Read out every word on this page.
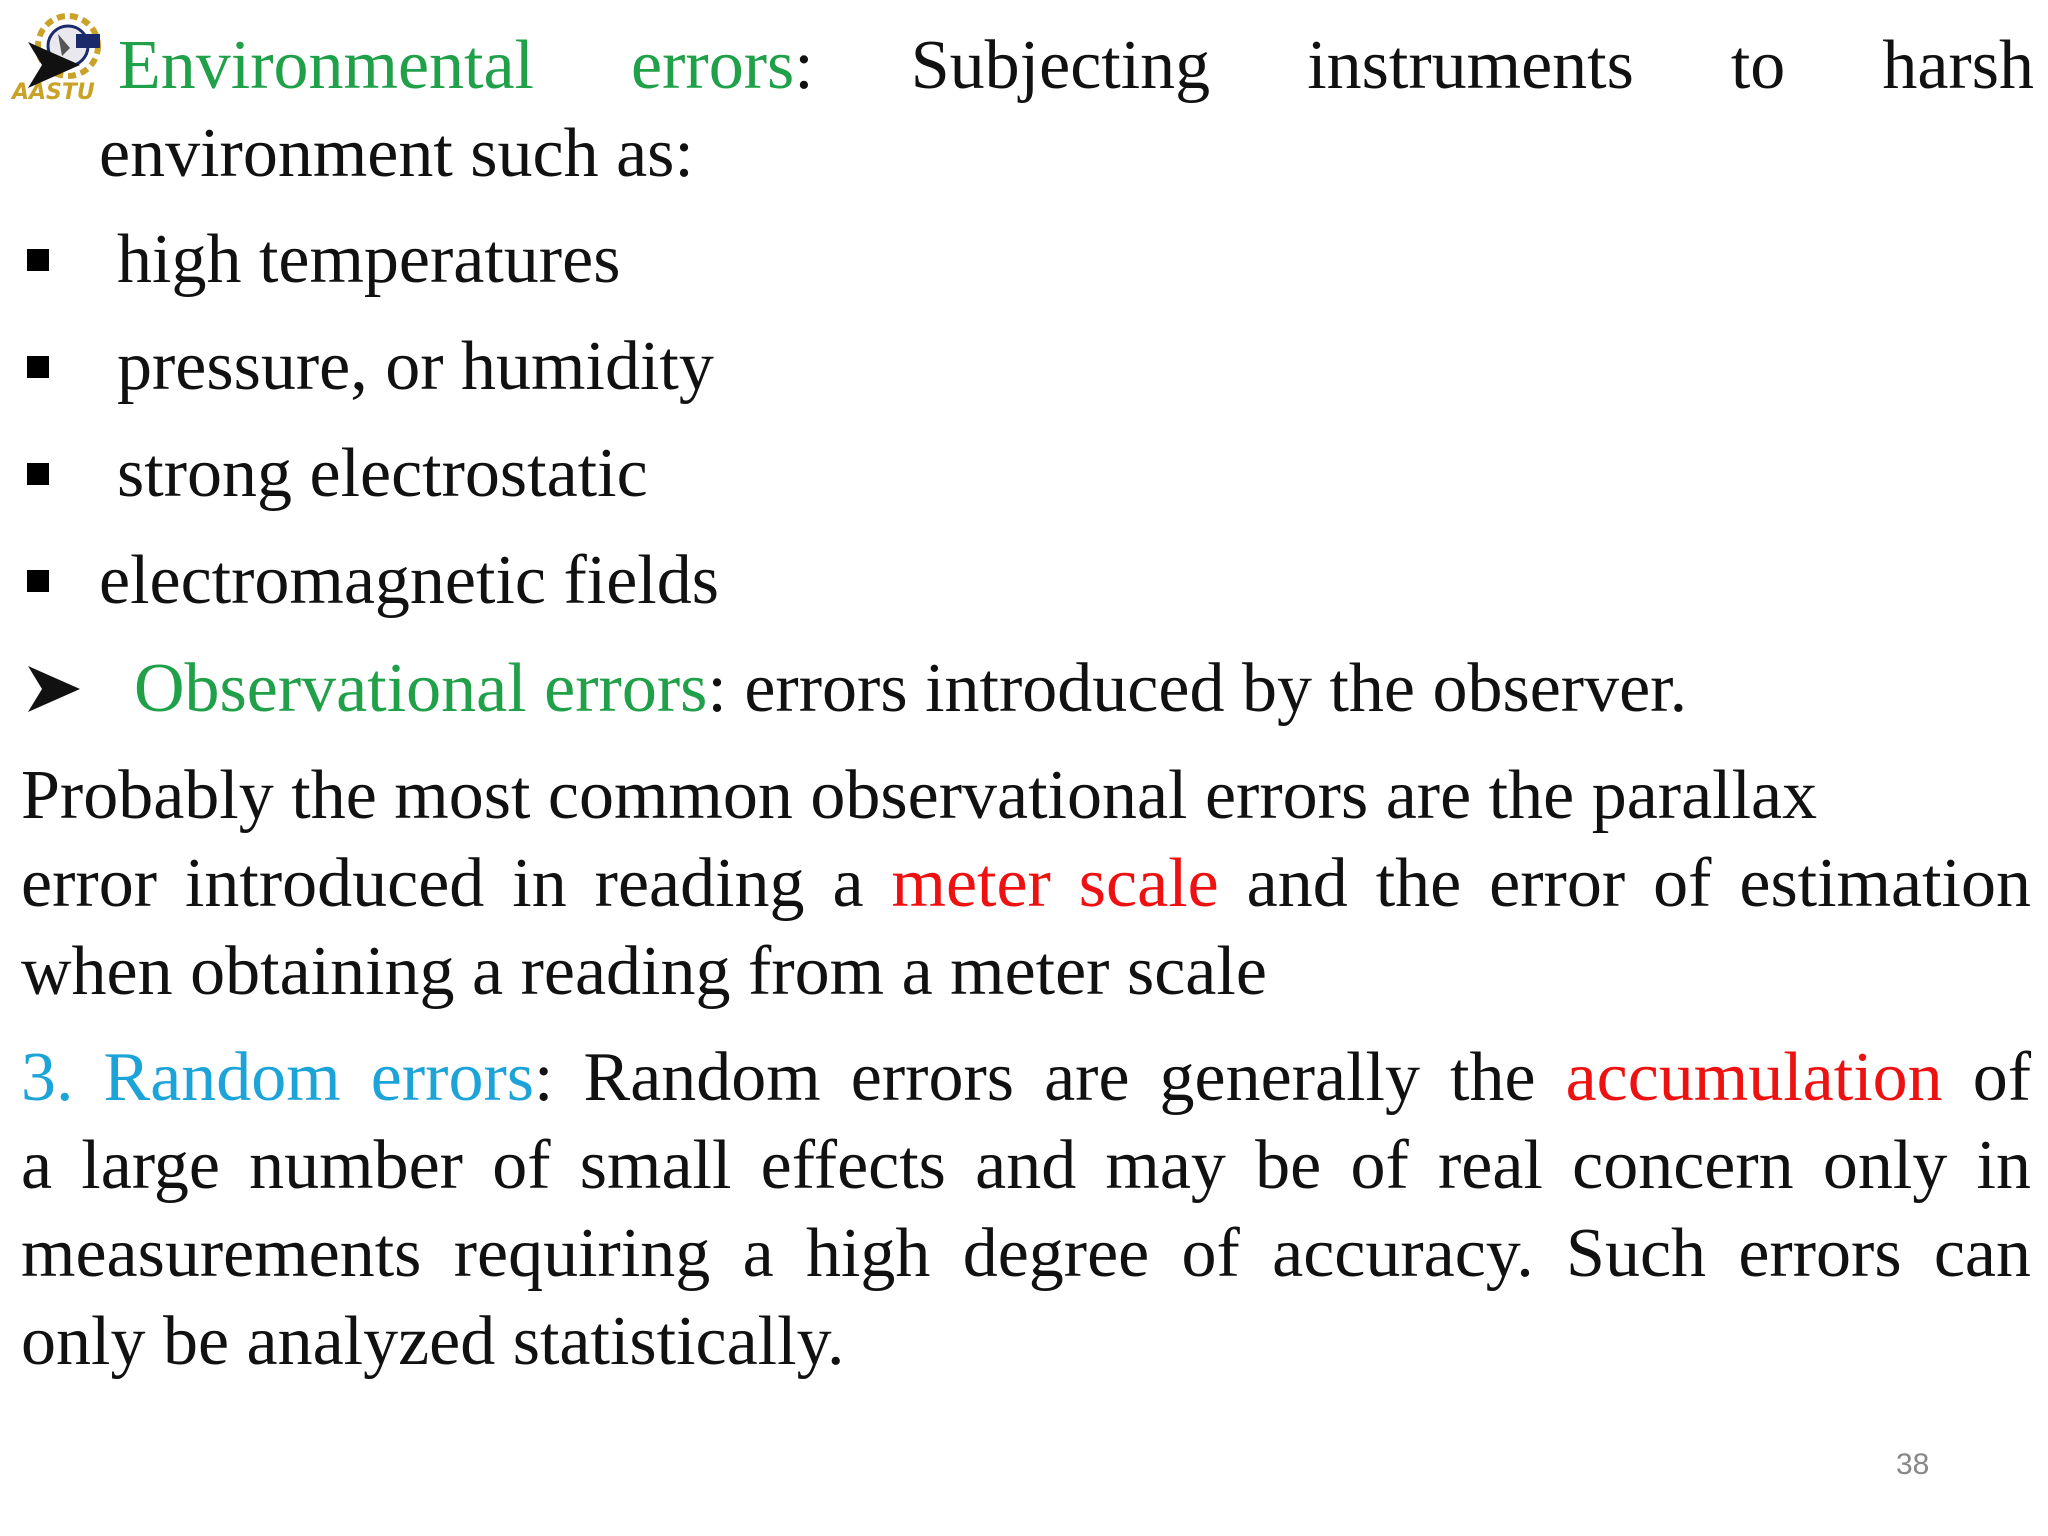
AASTU Environmental errors: Subjecting instruments to harsh
environment such as:
high temperatures
pressure, or humidity
strong electrostatic
electromagnetic fields
Observational errors: errors introduced by the observer.
Probably the most common observational errors are the parallax
error introduced in reading a meter scale and the error of estimation
when obtaining a reading from a meter scale
3. Random errors: Random errors are generally the accumulation of
a large number of small effects and may be of real concern only in
measurements requiring a high degree of accuracy. Such errors can
only be analyzed statistically.
38
